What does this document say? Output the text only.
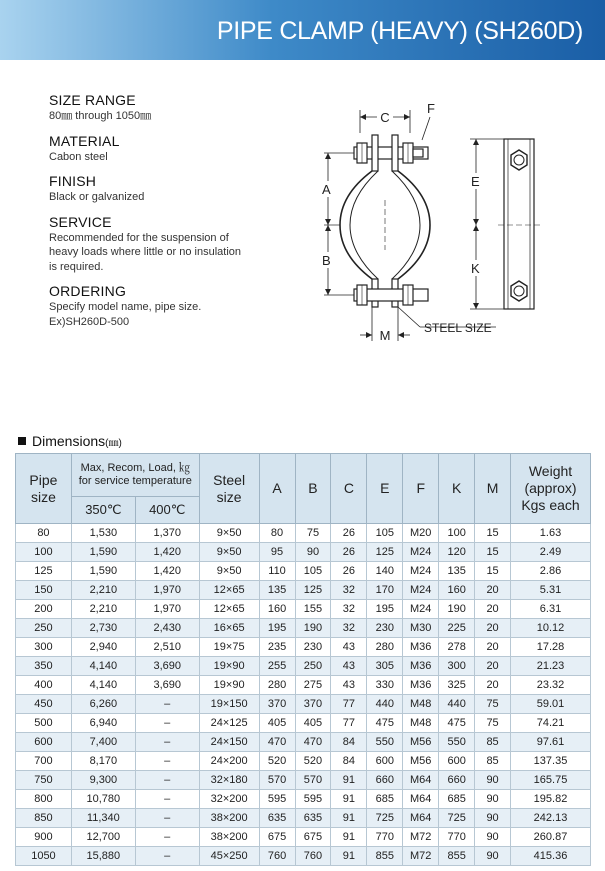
PIPE CLAMP (HEAVY) (SH260D)
SIZE RANGE

80㎜ through 1050㎜

MATERIAL

Cabon steel

FINISH

Black or galvanized

SERVICE

Recommended for the suspension of
heavy loads where little or no insulation
is required.

ORDERING

Specify model name, pipe size.
Ex)SH260D-500

C
F
A
B
M	STEEL SIZE
E
K
Dimensions(㎜)
Pipe
size	Max, Recom, Load, ㎏
for service temperature		Steel
size	A	B	C	E	F	K	M	Weight
(approx)
Kgs each
	350℃	400℃									
80	1,530	1,370	9×50	80	75	26	105	M20	100	15	1.63
100	1,590	1,420	9×50	95	90	26	125	M24	120	15	2.49
125	1,590	1,420	9×50	110	105	26	140	M24	135	15	2.86
150	2,210	1,970	12×65	135	125	32	170	M24	160	20	5.31
200	2,210	1,970	12×65	160	155	32	195	M24	190	20	6.31
250	2,730	2,430	16×65	195	190	32	230	M30	225	20	10.12
300	2,940	2,510	19×75	235	230	43	280	M36	278	20	17.28
350	4,140	3,690	19×90	255	250	43	305	M36	300	20	21.23
400	4,140	3,690	19×90	280	275	43	330	M36	325	20	23.32
450	6,260	–	19×150	370	370	77	440	M48	440	75	59.01
500	6,940	–	24×125	405	405	77	475	M48	475	75	74.21
600	7,400	–	24×150	470	470	84	550	M56	550	85	97.61
700	8,170	–	24×200	520	520	84	600	M56	600	85	137.35
750	9,300	–	32×180	570	570	91	660	M64	660	90	165.75
800	10,780	–	32×200	595	595	91	685	M64	685	90	195.82
850	11,340	–	38×200	635	635	91	725	M64	725	90	242.13
900	12,700	–	38×200	675	675	91	770	M72	770	90	260.87
1050	15,880	–	45×250	760	760	91	855	M72	855	90	415.36
